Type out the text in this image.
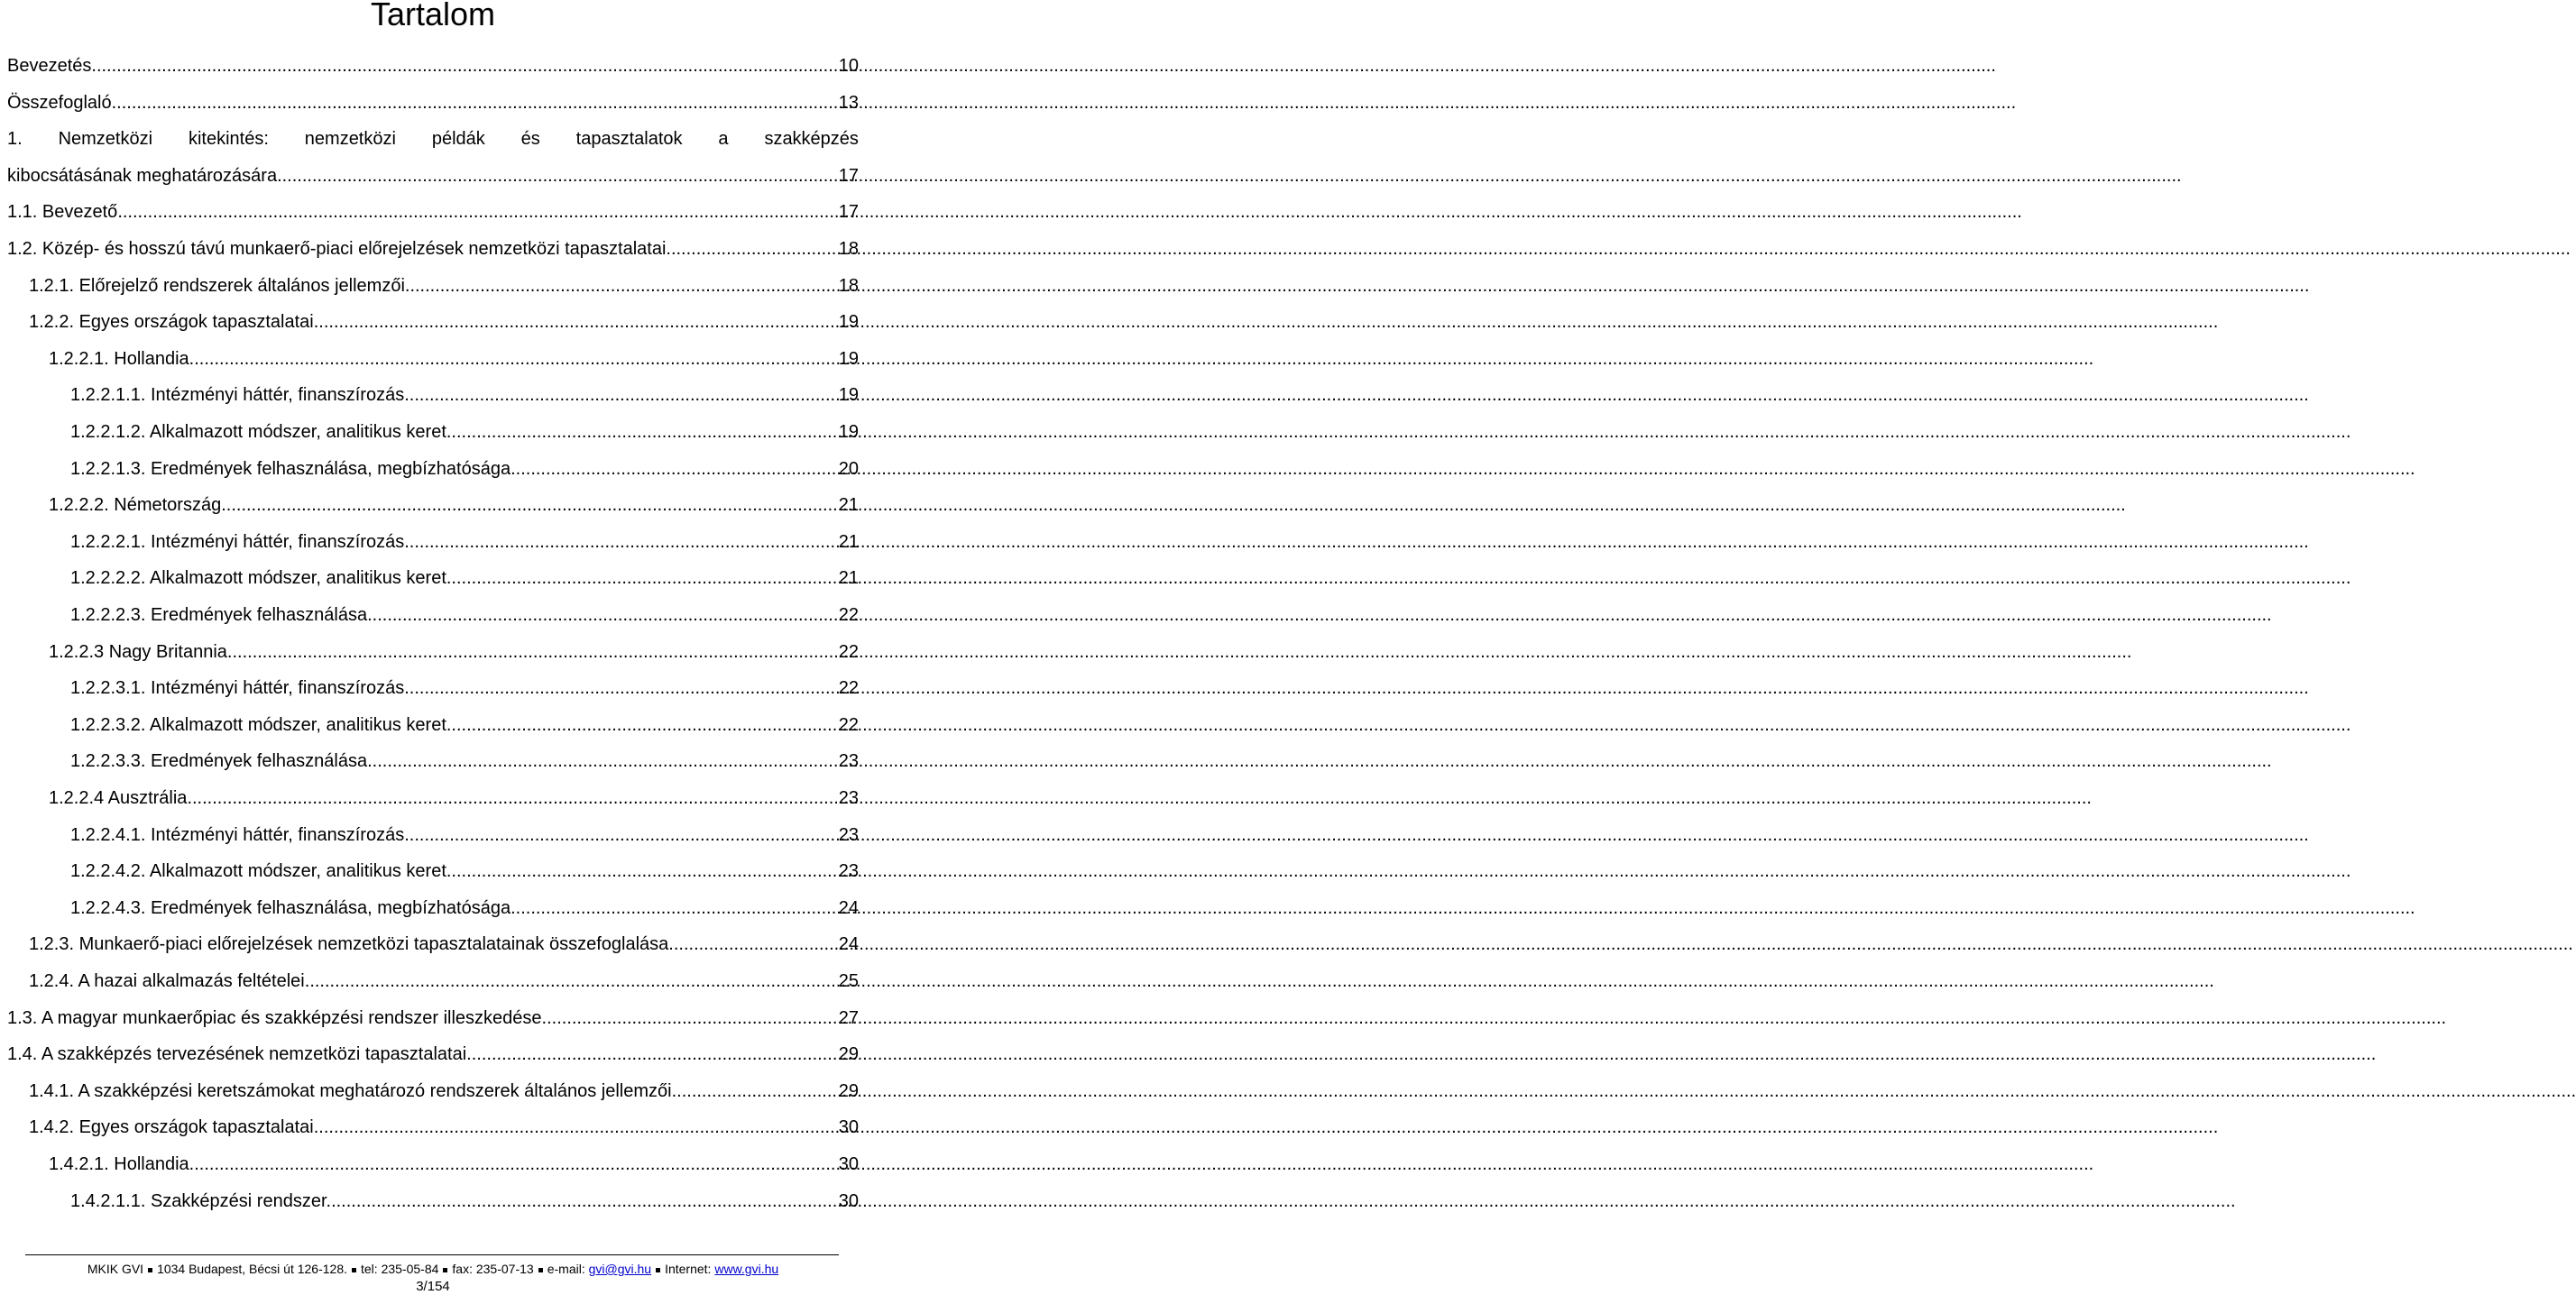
Tartalom
Bevezetés .....	10
Összefoglaló .....	13
1. Nemzetközi kitekintés: nemzetközi példák és tapasztalatok a szakképzés
kibocsátásának meghatározására .....	17
1.1. Bevezető .....	17
1.2. Közép- és hosszú távú munkaerő-piaci előrejelzések nemzetközi tapasztalatai .....	18
1.2.1. Előrejelző rendszerek általános jellemzői .....	18
1.2.2. Egyes országok tapasztalatai .....	19
1.2.2.1. Hollandia .....	19
1.2.2.1.1. Intézményi háttér, finanszírozás .....	19
1.2.2.1.2. Alkalmazott módszer, analitikus keret .....	19
1.2.2.1.3. Eredmények felhasználása, megbízhatósága .....	20
1.2.2.2. Németország .....	21
1.2.2.2.1. Intézményi háttér, finanszírozás .....	21
1.2.2.2.2. Alkalmazott módszer, analitikus keret .....	21
1.2.2.2.3. Eredmények felhasználása .....	22
1.2.2.3 Nagy Britannia .....	22
1.2.2.3.1. Intézményi háttér, finanszírozás .....	22
1.2.2.3.2. Alkalmazott módszer, analitikus keret .....	22
1.2.2.3.3. Eredmények felhasználása .....	23
1.2.2.4 Ausztrália .....	23
1.2.2.4.1. Intézményi háttér, finanszírozás .....	23
1.2.2.4.2. Alkalmazott módszer, analitikus keret .....	23
1.2.2.4.3. Eredmények felhasználása, megbízhatósága .....	24
1.2.3. Munkaerő-piaci előrejelzések nemzetközi tapasztalatainak összefoglalása .....	24
1.2.4. A hazai alkalmazás feltételei. .....	25
1.3. A magyar munkaerőpiac és szakképzési rendszer illeszkedése .....	27
1.4. A szakképzés tervezésének nemzetközi tapasztalatai. .....	29
1.4.1. A szakképzési keretszámokat meghatározó rendszerek általános jellemzői .....	29
1.4.2. Egyes országok tapasztalatai .....	30
1.4.2.1. Hollandia .....	30
1.4.2.1.1. Szakképzési rendszer. .....	30
MKIK GVI 1034 Budapest, Bécsi út 126-128. tel: 235-05-84 fax: 235-07-13 e-mail: gvi@gvi.hu Internet: www.gvi.hu
3/154
